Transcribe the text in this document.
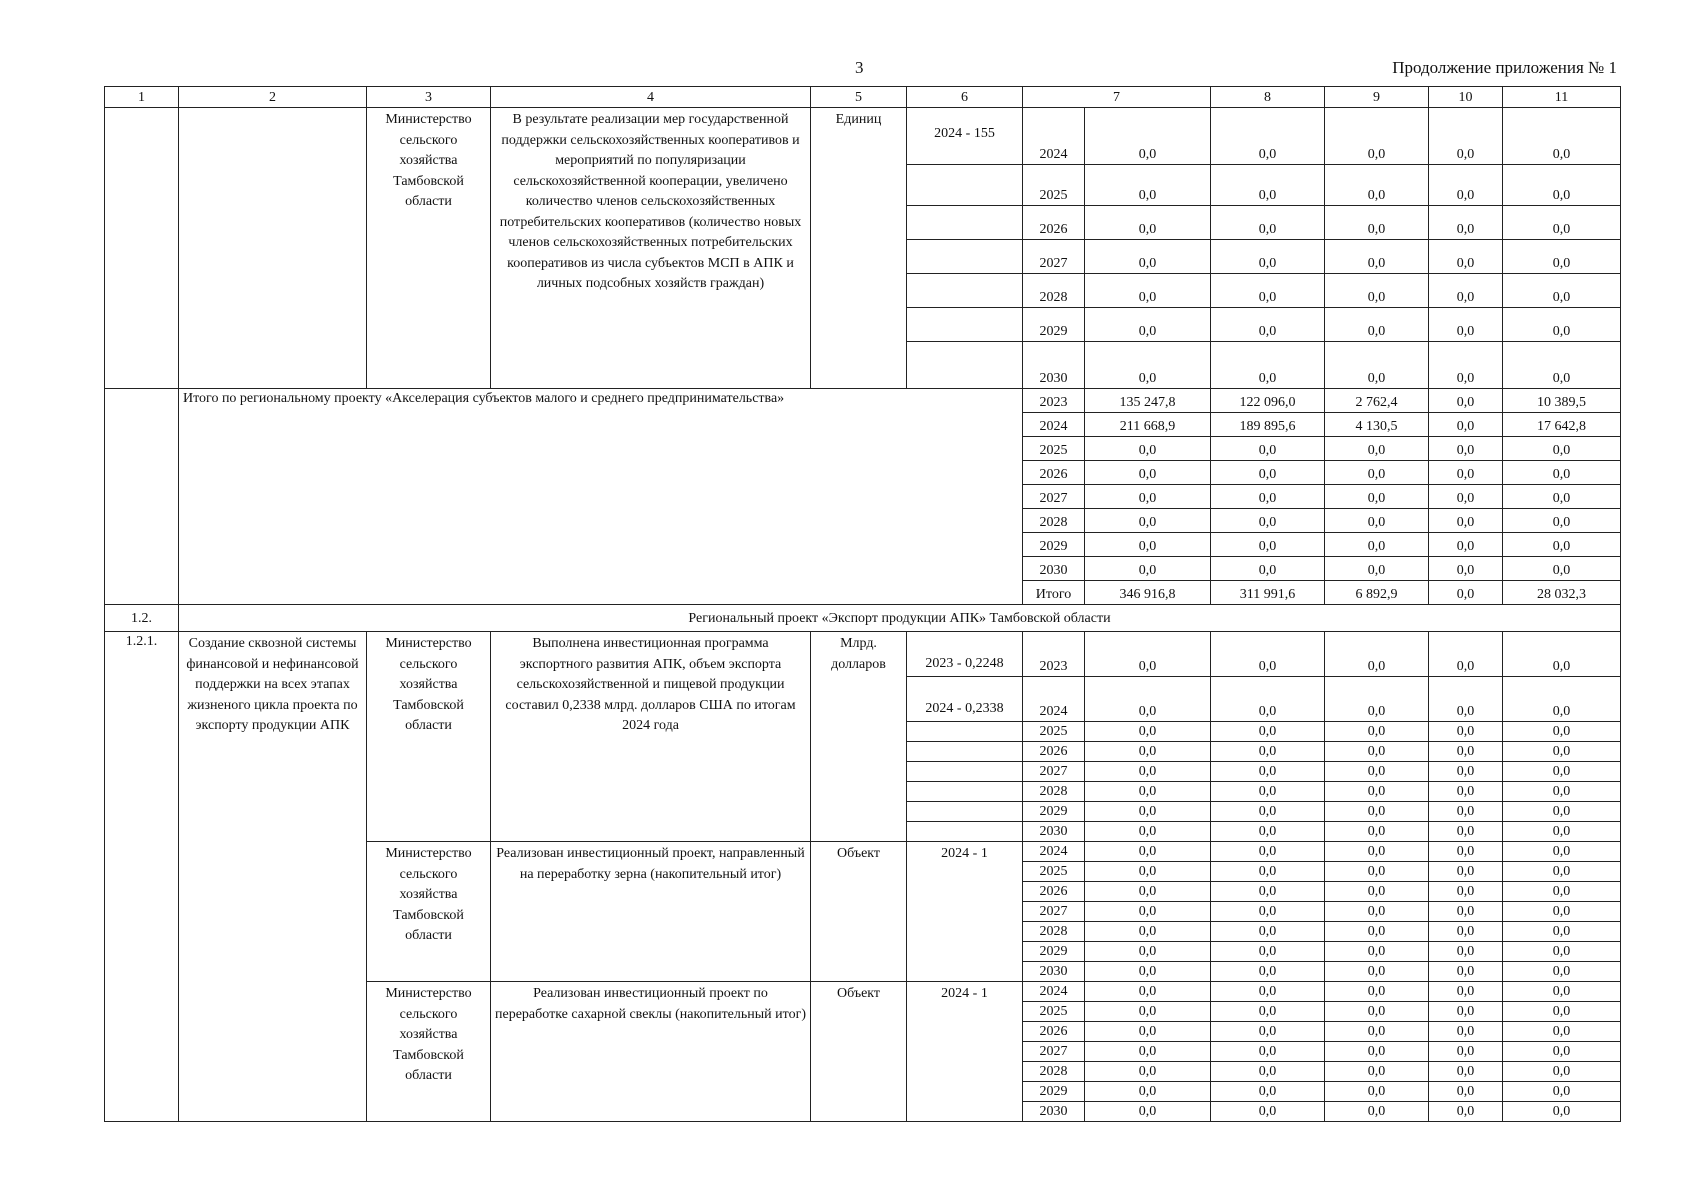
3	Продолжение приложения № 1
1	2	3	4	5	6	7		8	9	10	11
		Министерство сельского хозяйства Тамбовской области	В результате реализации мер государственной поддержки сельскохозяйственных кооперативов и мероприятий по популяризации сельскохозяйственной кооперации, увеличено количество членов сельскохозяйственных потребительских кооперативов (количество новых членов сельскохозяйственных потребительских кооперативов из числа субъектов МСП в АПК и личных подсобных хозяйств граждан)	Единиц	2024 - 155	2024	0,0	0,0	0,0	0,0	0,0
						2025	0,0	0,0	0,0	0,0	0,0
						2026	0,0	0,0	0,0	0,0	0,0
						2027	0,0	0,0	0,0	0,0	0,0
						2028	0,0	0,0	0,0	0,0	0,0
						2029	0,0	0,0	0,0	0,0	0,0
						2030	0,0	0,0	0,0	0,0	0,0
	Итого по региональному проекту «Акселерация субъектов малого и среднего предпринимательства»					2023	135 247,8	122 096,0	2 762,4	0,0	10 389,5
						2024	211 668,9	189 895,6	4 130,5	0,0	17 642,8
						2025	0,0	0,0	0,0	0,0	0,0
						2026	0,0	0,0	0,0	0,0	0,0
						2027	0,0	0,0	0,0	0,0	0,0
						2028	0,0	0,0	0,0	0,0	0,0
						2029	0,0	0,0	0,0	0,0	0,0
						2030	0,0	0,0	0,0	0,0	0,0
						Итого	346 916,8	311 991,6	6 892,9	0,0	28 032,3
1.2.	Региональный проект «Экспорт продукции АПК» Тамбовской области										
1.2.1.	Создание сквозной системы финансовой и нефинансовой поддержки на всех этапах жизненого цикла проекта по экспорту продукции АПК	Министерство сельского хозяйства Тамбовской области	Выполнена инвестиционная программа экспортного развития АПК, объем экспорта сельскохозяйственной и пищевой продукции составил 0,2338 млрд. долларов США по итогам 2024 года	Млрд. долларов	2023 - 0,2248	2023	0,0	0,0	0,0	0,0	0,0
					2024 - 0,2338	2024	0,0	0,0	0,0	0,0	0,0
						2025	0,0	0,0	0,0	0,0	0,0
						2026	0,0	0,0	0,0	0,0	0,0
						2027	0,0	0,0	0,0	0,0	0,0
						2028	0,0	0,0	0,0	0,0	0,0
						2029	0,0	0,0	0,0	0,0	0,0
						2030	0,0	0,0	0,0	0,0	0,0
		Министерство сельского хозяйства Тамбовской области	Реализован инвестиционный проект, направленный на переработку зерна (накопительный итог)	Объект	2024 - 1	2024	0,0	0,0	0,0	0,0	0,0
						2025	0,0	0,0	0,0	0,0	0,0
						2026	0,0	0,0	0,0	0,0	0,0
						2027	0,0	0,0	0,0	0,0	0,0
						2028	0,0	0,0	0,0	0,0	0,0
						2029	0,0	0,0	0,0	0,0	0,0
						2030	0,0	0,0	0,0	0,0	0,0
		Министерство сельского хозяйства Тамбовской области	Реализован инвестиционный проект по переработке сахарной свеклы (накопительный итог)	Объект	2024 - 1	2024	0,0	0,0	0,0	0,0	0,0
						2025	0,0	0,0	0,0	0,0	0,0
						2026	0,0	0,0	0,0	0,0	0,0
						2027	0,0	0,0	0,0	0,0	0,0
						2028	0,0	0,0	0,0	0,0	0,0
						2029	0,0	0,0	0,0	0,0	0,0
						2030	0,0	0,0	0,0	0,0	0,0
